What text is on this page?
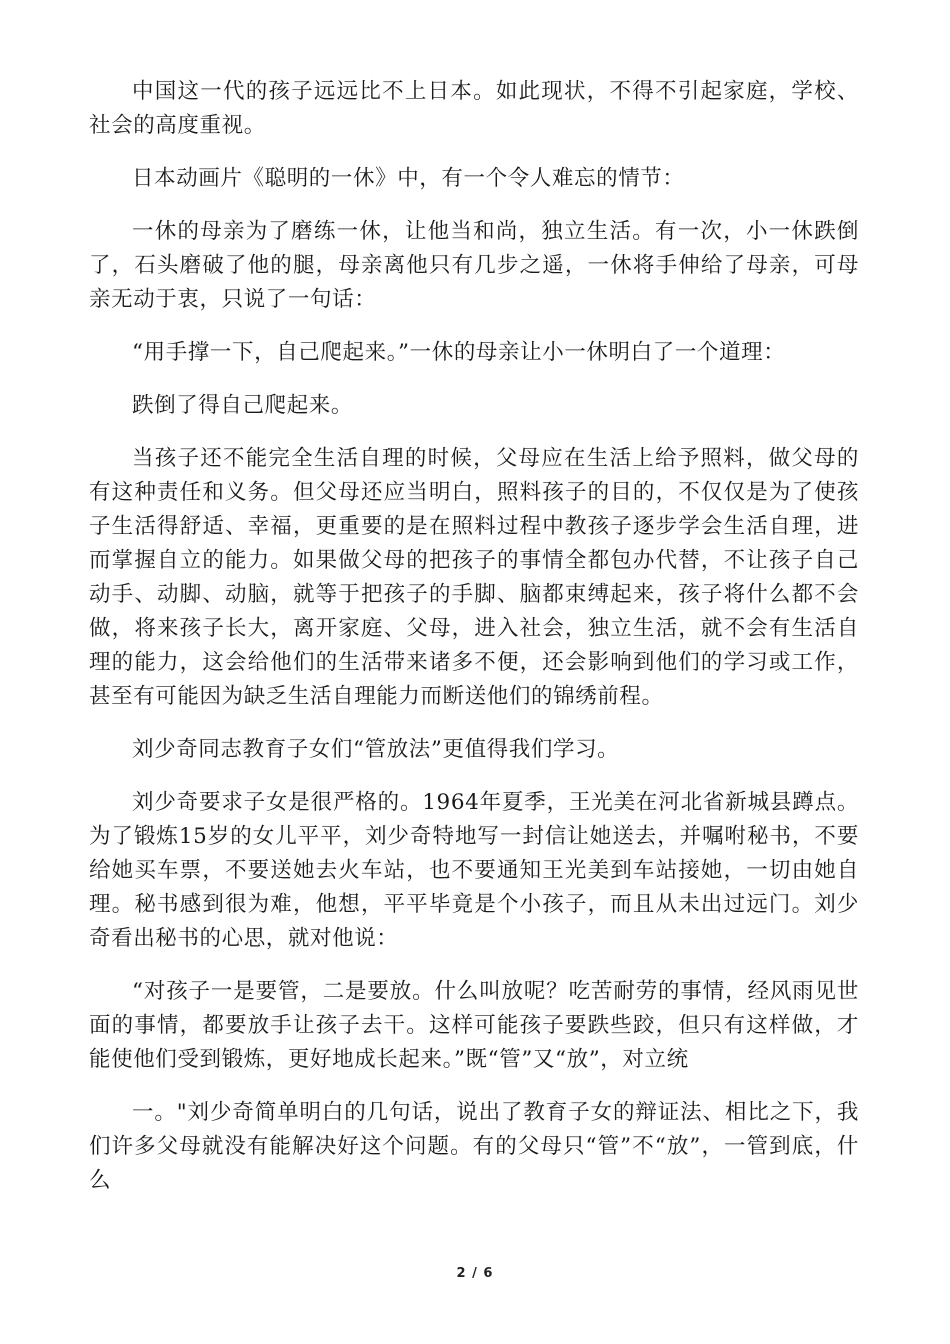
中国这一代的孩子远远比不上日本。如此现状，不得不引起家庭，学校、社会的高度重视。

日本动画片《聪明的一休》中，有一个令人难忘的情节：

一休的母亲为了磨练一休，让他当和尚，独立生活。有一次，小一休跌倒了，石头磨破了他的腿，母亲离他只有几步之遥，一休将手伸给了母亲，可母亲无动于衷，只说了一句话：

“用手撑一下，自己爬起来。”一休的母亲让小一休明白了一个道理：

跌倒了得自己爬起来。

当孩子还不能完全生活自理的时候，父母应在生活上给予照料，做父母的有这种责任和义务。但父母还应当明白，照料孩子的目的，不仅仅是为了使孩子生活得舒适、幸福，更重要的是在照料过程中教孩子逐步学会生活自理，进而掌握自立的能力。如果做父母的把孩子的事情全都包办代替，不让孩子自己动手、动脚、动脑，就等于把孩子的手脚、脑都束缚起来，孩子将什么都不会做，将来孩子长大，离开家庭、父母，进入社会，独立生活，就不会有生活自理的能力，这会给他们的生活带来诸多不便，还会影响到他们的学习或工作，甚至有可能因为缺乏生活自理能力而断送他们的锦绣前程。

刘少奇同志教育子女们“管放法”更值得我们学习。

刘少奇要求子女是很严格的。1964年夏季，王光美在河北省新城县蹲点。为了锻炼15岁的女儿平平，刘少奇特地写一封信让她送去，并嘱咐秘书，不要给她买车票，不要送她去火车站，也不要通知王光美到车站接她，一切由她自理。秘书感到很为难，他想，平平毕竟是个小孩子，而且从未出过远门。刘少奇看出秘书的心思，就对他说：

“对孩子一是要管，二是要放。什么叫放呢？吃苦耐劳的事情，经风雨见世面的事情，都要放手让孩子去干。这样可能孩子要跌些跤，但只有这样做，才能使他们受到锻炼，更好地成长起来。”既“管”又“放”，对立统

一。"刘少奇简单明白的几句话，说出了教育子女的辩证法、相比之下，我们许多父母就没有能解决好这个问题。有的父母只“管”不“放”，一管到底，什么

2 / 6
